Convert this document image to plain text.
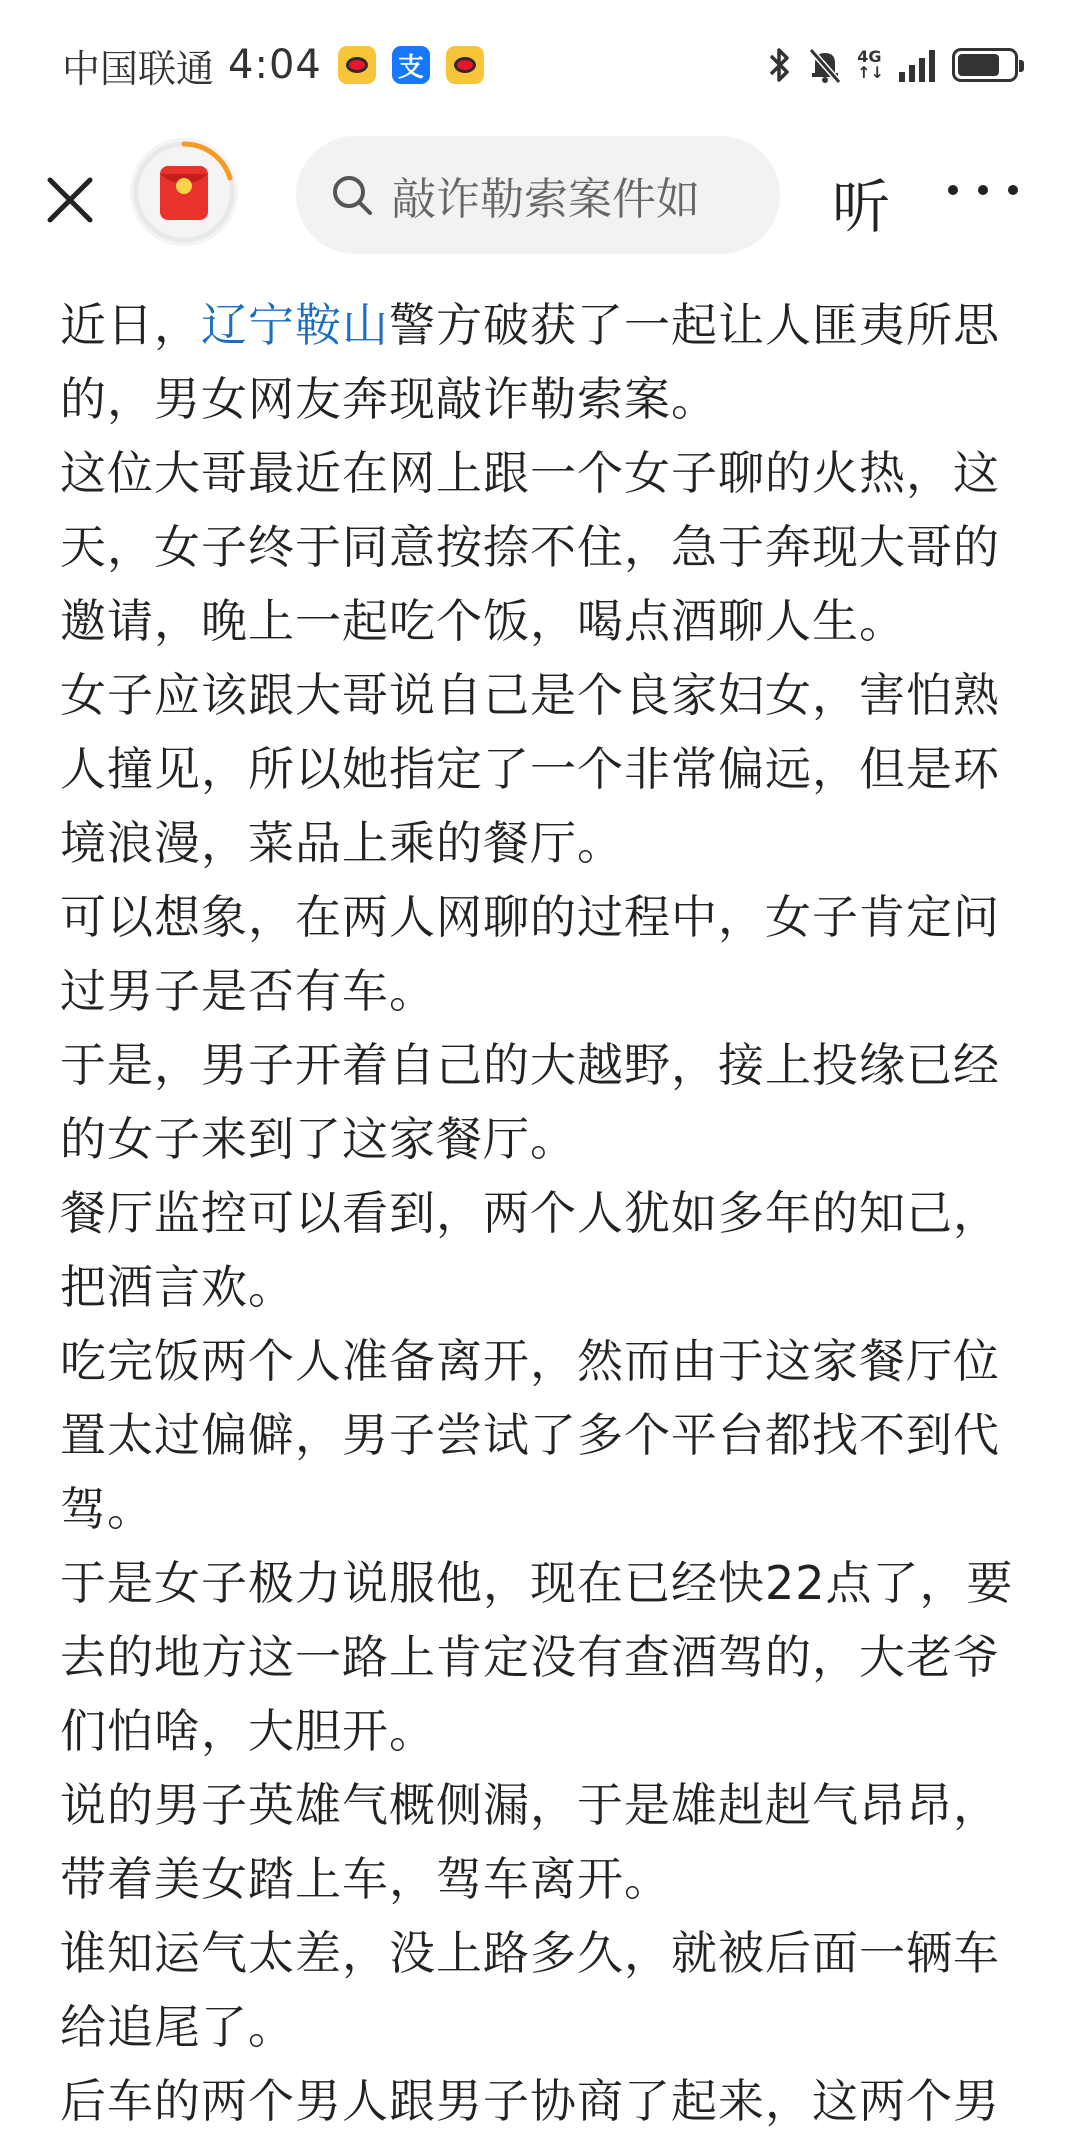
中国联通 4:04	支	4G
↑↓
敲诈勒索案件如 听

近日，辽宁鞍山警方破获了一起让人匪夷所思的，男女网友奔现敲诈勒索案。

这位大哥最近在网上跟一个女子聊的火热，这天，女子终于同意按捺不住，急于奔现大哥的邀请，晚上一起吃个饭，喝点酒聊人生。

女子应该跟大哥说自己是个良家妇女，害怕熟人撞见，所以她指定了一个非常偏远，但是环境浪漫，菜品上乘的餐厅。

可以想象，在两人网聊的过程中，女子肯定问过男子是否有车。

于是，男子开着自己的大越野，接上投缘已经的女子来到了这家餐厅。

餐厅监控可以看到，两个人犹如多年的知己，把酒言欢。

吃完饭两个人准备离开，然而由于这家餐厅位置太过偏僻，男子尝试了多个平台都找不到代驾。

于是女子极力说服他，现在已经快22点了，要去的地方这一路上肯定没有查酒驾的，大老爷们怕啥，大胆开。

说的男子英雄气概侧漏，于是雄赳赳气昂昂，带着美女踏上车，驾车离开。

谁知运气太差，没上路多久，就被后面一辆车给追尾了。

后车的两个男人跟男子协商了起来，这两个男
